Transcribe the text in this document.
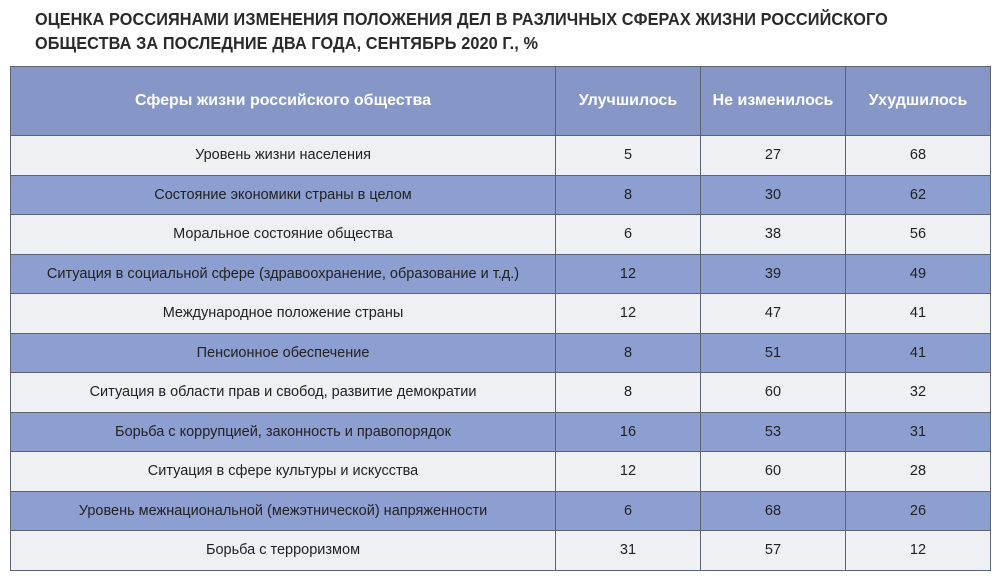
ОЦЕНКА РОССИЯНАМИ ИЗМЕНЕНИЯ ПОЛОЖЕНИЯ ДЕЛ В РАЗЛИЧНЫХ СФЕРАХ ЖИЗНИ РОССИЙСКОГО
ОБЩЕСТВА ЗА ПОСЛЕДНИЕ ДВА ГОДА, СЕНТЯБРЬ 2020 Г., %
Сферы жизни российского общества	Улучшилось	Не изменилось	Ухудшилось
Уровень жизни населения	5	27	68
Состояние экономики страны в целом	8	30	62
Моральное состояние общества	6	38	56
Ситуация в социальной сфере (здравоохранение, образование и т.д.)	12	39	49
Международное положение страны	12	47	41
Пенсионное обеспечение	8	51	41
Ситуация в области прав и свобод, развитие демократии	8	60	32
Борьба с коррупцией, законность и правопорядок	16	53	31
Ситуация в сфере культуры и искусства	12	60	28
Уровень межнациональной (межэтнической) напряженности	6	68	26
Борьба с терроризмом	31	57	12
